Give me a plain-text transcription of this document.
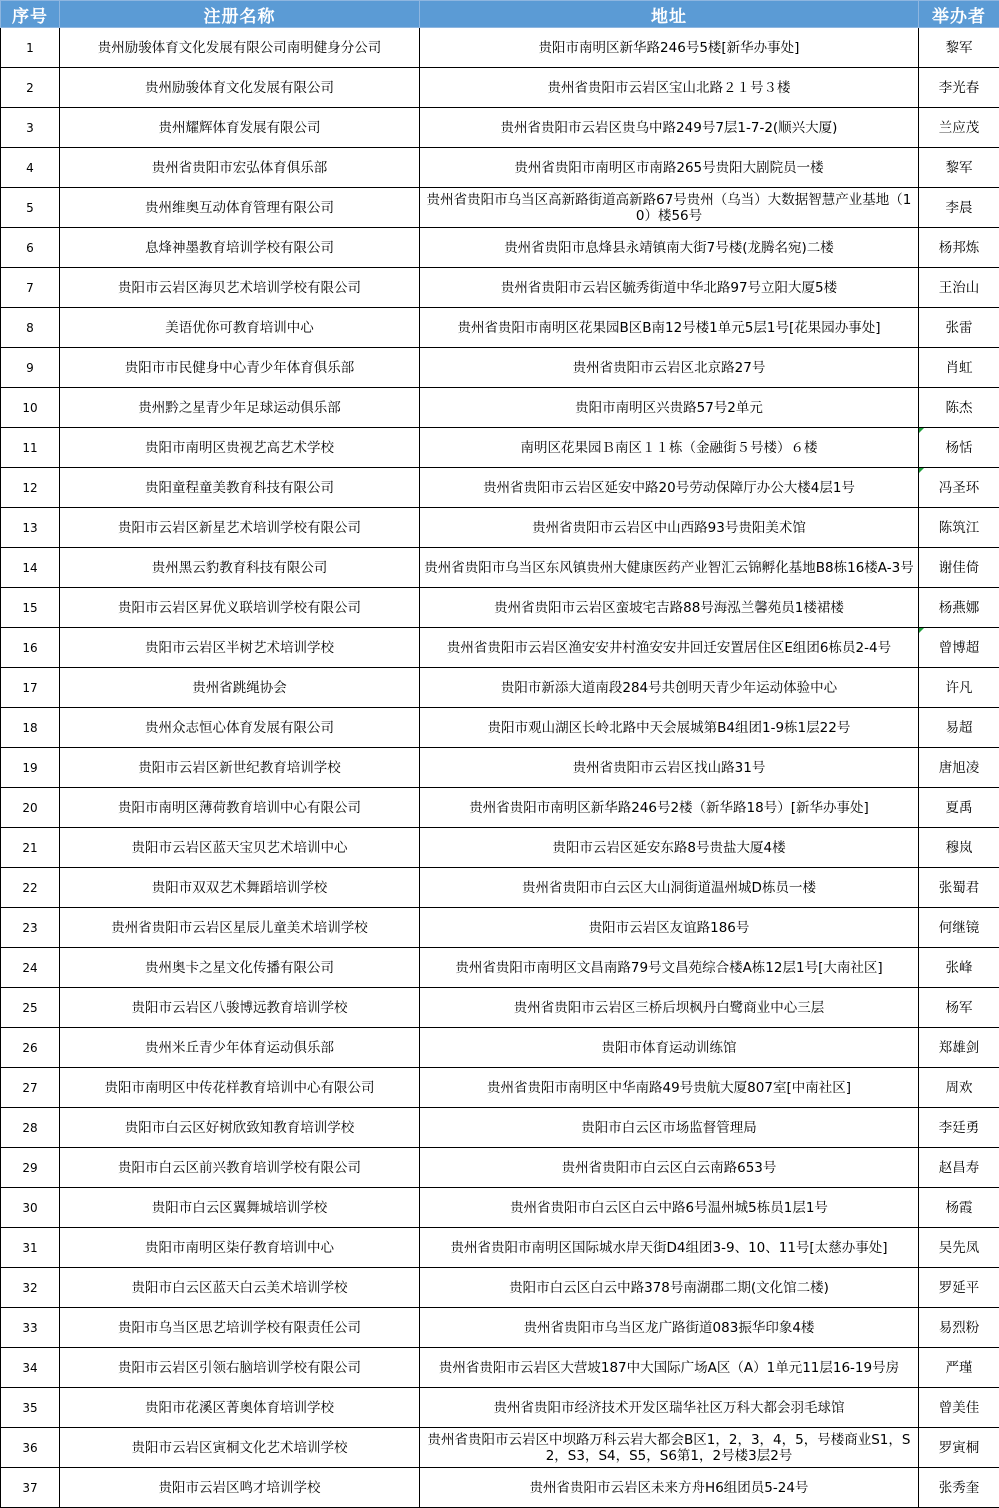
序号	注册名称	地址	举办者
1	贵州励骏体育文化发展有限公司南明健身分公司	贵阳市南明区新华路246号5楼[新华办事处]	黎军
2	贵州励骏体育文化发展有限公司	贵州省贵阳市云岩区宝山北路２１号３楼	李光春
3	贵州耀辉体育发展有限公司	贵州省贵阳市云岩区贵乌中路249号7层1-7-2(顺兴大厦)	兰应茂
4	贵州省贵阳市宏弘体育俱乐部	贵州省贵阳市南明区市南路265号贵阳大剧院员一楼	黎军
5	贵州维奥互动体育管理有限公司	贵州省贵阳市乌当区高新路街道高新路67号贵州（乌当）大数据智慧产业基地（10）楼56号	李晨
6	息烽神墨教育培训学校有限公司	贵州省贵阳市息烽县永靖镇南大街7号楼(龙腾名宛)二楼	杨邦炼
7	贵阳市云岩区海贝艺术培训学校有限公司	贵州省贵阳市云岩区毓秀街道中华北路97号立阳大厦5楼	王治山
8	美语优你可教育培训中心	贵州省贵阳市南明区花果园B区B南12号楼1单元5层1号[花果园办事处]	张雷
9	贵阳市市民健身中心青少年体育俱乐部	贵州省贵阳市云岩区北京路27号	肖虹
10	贵州黔之星青少年足球运动俱乐部	贵阳市南明区兴贵路57号2单元	陈杰
11	贵阳市南明区贵视艺高艺术学校	南明区花果园Ｂ南区１１栋（金融街５号楼）６楼	杨恬

12	贵阳童程童美教育科技有限公司	贵州省贵阳市云岩区延安中路20号劳动保障厅办公大楼4层1号	冯圣环

13	贵阳市云岩区新星艺术培训学校有限公司	贵州省贵阳市云岩区中山西路93号贵阳美术馆	陈筑江
14	贵州黑云豹教育科技有限公司	贵州省贵阳市乌当区东风镇贵州大健康医药产业智汇云锦孵化基地B8栋16楼A-3号	谢佳倚
15	贵阳市云岩区昇优义联培训学校有限公司	贵州省贵阳市云岩区蛮坡宅吉路88号海泓兰馨苑员1楼裙楼	杨燕娜
16	贵阳市云岩区半树艺术培训学校	贵州省贵阳市云岩区渔安安井村渔安安井回迁安置居住区E组团6栋员2-4号	曾博超

17	贵州省跳绳协会	贵阳市新添大道南段284号共创明天青少年运动体验中心	许凡
18	贵州众志恒心体育发展有限公司	贵阳市观山湖区长岭北路中天会展城第B4组团1-9栋1层22号	易超
19	贵阳市云岩区新世纪教育培训学校	贵州省贵阳市云岩区找山路31号	唐旭凌
20	贵阳市南明区薄荷教育培训中心有限公司	贵州省贵阳市南明区新华路246号2楼（新华路18号）[新华办事处]	夏禹
21	贵阳市云岩区蓝天宝贝艺术培训中心	贵阳市云岩区延安东路8号贵盐大厦4楼	穆岚
22	贵阳市双双艺术舞蹈培训学校	贵州省贵阳市白云区大山洞街道温州城D栋员一楼	张蜀君
23	贵州省贵阳市云岩区星辰儿童美术培训学校	贵阳市云岩区友谊路186号	何继镜
24	贵州奥卡之星文化传播有限公司	贵州省贵阳市南明区文昌南路79号文昌苑综合楼A栋12层1号[大南社区]	张峰
25	贵阳市云岩区八骏博远教育培训学校	贵州省贵阳市云岩区三桥后坝枫丹白鹭商业中心三层	杨军
26	贵州米丘青少年体育运动俱乐部	贵阳市体育运动训练馆	郑雄剑
27	贵阳市南明区中传花样教育培训中心有限公司	贵州省贵阳市南明区中华南路49号贵航大厦807室[中南社区]	周欢
28	贵阳市白云区好树欣致知教育培训学校	贵阳市白云区市场监督管理局	李廷勇
29	贵阳市白云区前兴教育培训学校有限公司	贵州省贵阳市白云区白云南路653号	赵昌寿
30	贵阳市白云区翼舞城培训学校	贵州省贵阳市白云区白云中路6号温州城5栋员1层1号	杨霞
31	贵阳市南明区柒仔教育培训中心	贵州省贵阳市南明区国际城水岸天街D4组团3-9、10、11号[太慈办事处]	吴先凤
32	贵阳市白云区蓝天白云美术培训学校	贵阳市白云区白云中路378号南湖郡二期(文化馆二楼)	罗延平
33	贵阳市乌当区思艺培训学校有限责任公司	贵州省贵阳市乌当区龙广路街道083振华印象4楼	易烈粉
34	贵阳市云岩区引领右脑培训学校有限公司	贵州省贵阳市云岩区大营坡187中大国际广场A区（A）1单元11层16-19号房	严瑾
35	贵阳市花溪区菁奥体育培训学校	贵州省贵阳市经济技术开发区瑞华社区万科大都会羽毛球馆	曾美佳
36	贵阳市云岩区寅桐文化艺术培训学校	贵州省贵阳市云岩区中坝路万科云岩大都会B区1，2，3，4，5，号楼商业S1，S2，S3，S4，S5，S6第1，2号楼3层2号	罗寅桐
37	贵阳市云岩区鸣才培训学校	贵州省贵阳市云岩区未来方舟H6组团员5-24号	张秀奎
